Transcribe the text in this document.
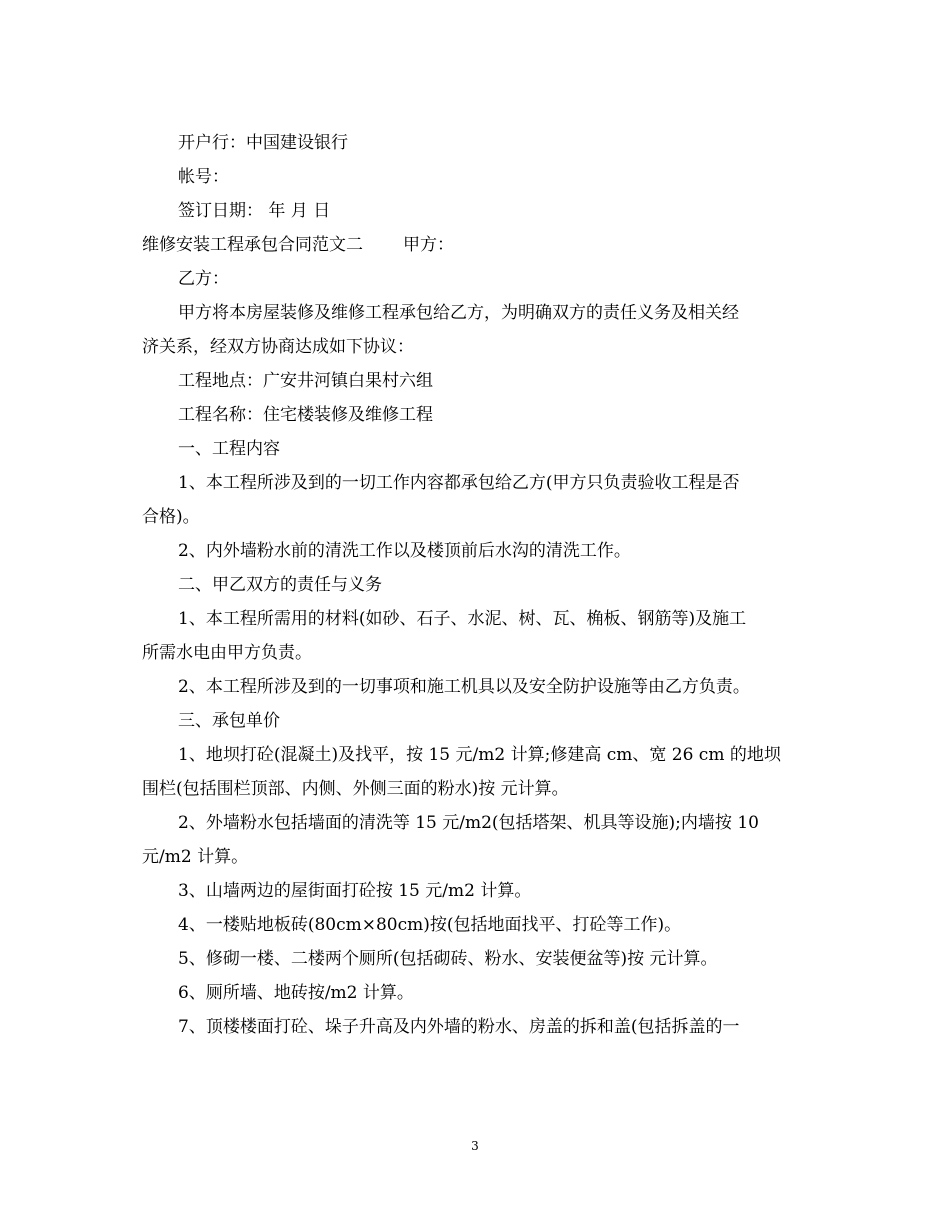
开户行：中国建设银行
帐号：
签订日期： 年 月 日
维修安装工程承包合同范文二 甲方：
乙方：
甲方将本房屋装修及维修工程承包给乙方，为明确双方的责任义务及相关经
济关系，经双方协商达成如下协议：
工程地点：广安井河镇白果村六组
工程名称：住宅楼装修及维修工程
一、工程内容
1、本工程所涉及到的一切工作内容都承包给乙方(甲方只负责验收工程是否
合格)。
2、内外墙粉水前的清洗工作以及楼顶前后水沟的清洗工作。
二、甲乙双方的责任与义务
1、本工程所需用的材料(如砂、石子、水泥、树、瓦、桷板、钢筋等)及施工
所需水电由甲方负责。
2、本工程所涉及到的一切事项和施工机具以及安全防护设施等由乙方负责。
三、承包单价
1、地坝打砼(混凝土)及找平，按 15 元/m2 计算;修建高 cm、宽 26 cm 的地坝
围栏(包括围栏顶部、内侧、外侧三面的粉水)按 元计算。
2、外墙粉水包括墙面的清洗等 15 元/m2(包括塔架、机具等设施);内墙按 10
元/m2 计算。
3、山墙两边的屋街面打砼按 15 元/m2 计算。
4、一楼贴地板砖(80cm×80cm)按(包括地面找平、打砼等工作)。
5、修砌一楼、二楼两个厕所(包括砌砖、粉水、安装便盆等)按 元计算。
6、厕所墙、地砖按/m2 计算。
7、顶楼楼面打砼、垛子升高及内外墙的粉水、房盖的拆和盖(包括拆盖的一
3
